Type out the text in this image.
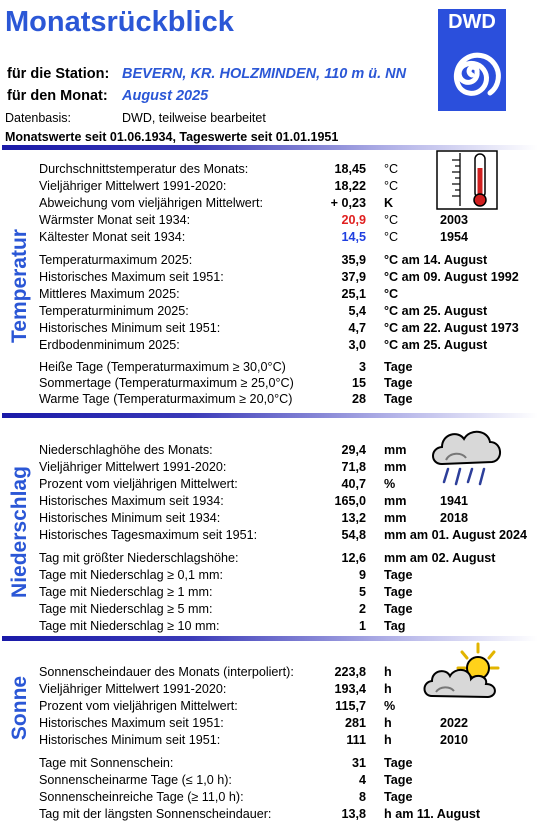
Monatsrückblick
für die Station: BEVERN, KR. HOLZMINDEN, 110 m ü. NN
für den Monat: August 2025
Datenbasis:	DWD, teilweise bearbeitet
Monatswerte seit 01.06.1934, Tageswerte seit 01.01.1951
DWD
Temperatur
Durchschnittstemperatur des Monats:	18,45 °C
Vieljähriger Mittelwert 1991-2020:	18,22 °C
Abweichung vom vieljährigen Mittelwert:	+ 0,23 K
Wärmster Monat seit 1934:	20,9 °C	2003
Kältester Monat seit 1934:	14,5 °C	1954
Temperaturmaximum 2025:	35,9 °C am 14. August
Historisches Maximum seit 1951:	37,9 °C am 09. August 1992
Mittleres Maximum 2025:	25,1 °C
Temperaturminimum 2025:	5,4 °C am 25. August
Historisches Minimum seit 1951:	4,7 °C am 22. August 1973
Erdbodenminimum 2025:	3,0 °C am 25. August
Heiße Tage (Temperaturmaximum ≥ 30,0°C)	3 Tage
Sommertage (Temperaturmaximum ≥ 25,0°C)	15 Tage
Warme Tage (Temperaturmaximum ≥ 20,0°C)	28 Tage
Niederschlag
Niederschlaghöhe des Monats:	29,4 mm
Vieljähriger Mittelwert 1991-2020:	71,8 mm
Prozent vom vieljährigen Mittelwert:	40,7 %
Historisches Maximum seit 1934:	165,0 mm	1941
Historisches Minimum seit 1934:	13,2 mm	2018
Historisches Tagesmaximum seit 1951:	54,8 mm am 01. August 2024
Tag mit größter Niederschlagshöhe:	12,6 mm am 02. August
Tage mit Niederschlag ≥ 0,1 mm:	9 Tage
Tage mit Niederschlag ≥ 1 mm:	5 Tage
Tage mit Niederschlag ≥ 5 mm:	2 Tage
Tage mit Niederschlag ≥ 10 mm:	1 Tag
Sonne
Sonnenscheindauer des Monats (interpoliert):	223,8 h
Vieljähriger Mittelwert 1991-2020:	193,4 h
Prozent vom vieljährigen Mittelwert:	115,7 %
Historisches Maximum seit 1951:	281 h	2022
Historisches Minimum seit 1951:	111 h	2010
Tage mit Sonnenschein:	31 Tage
Sonnenscheinarme Tage (≤ 1,0 h):	4 Tage
Sonnenscheinreiche Tage (≥ 11,0 h):	8 Tage
Tag mit der längsten Sonnenscheindauer:	13,8 h am 11. August
